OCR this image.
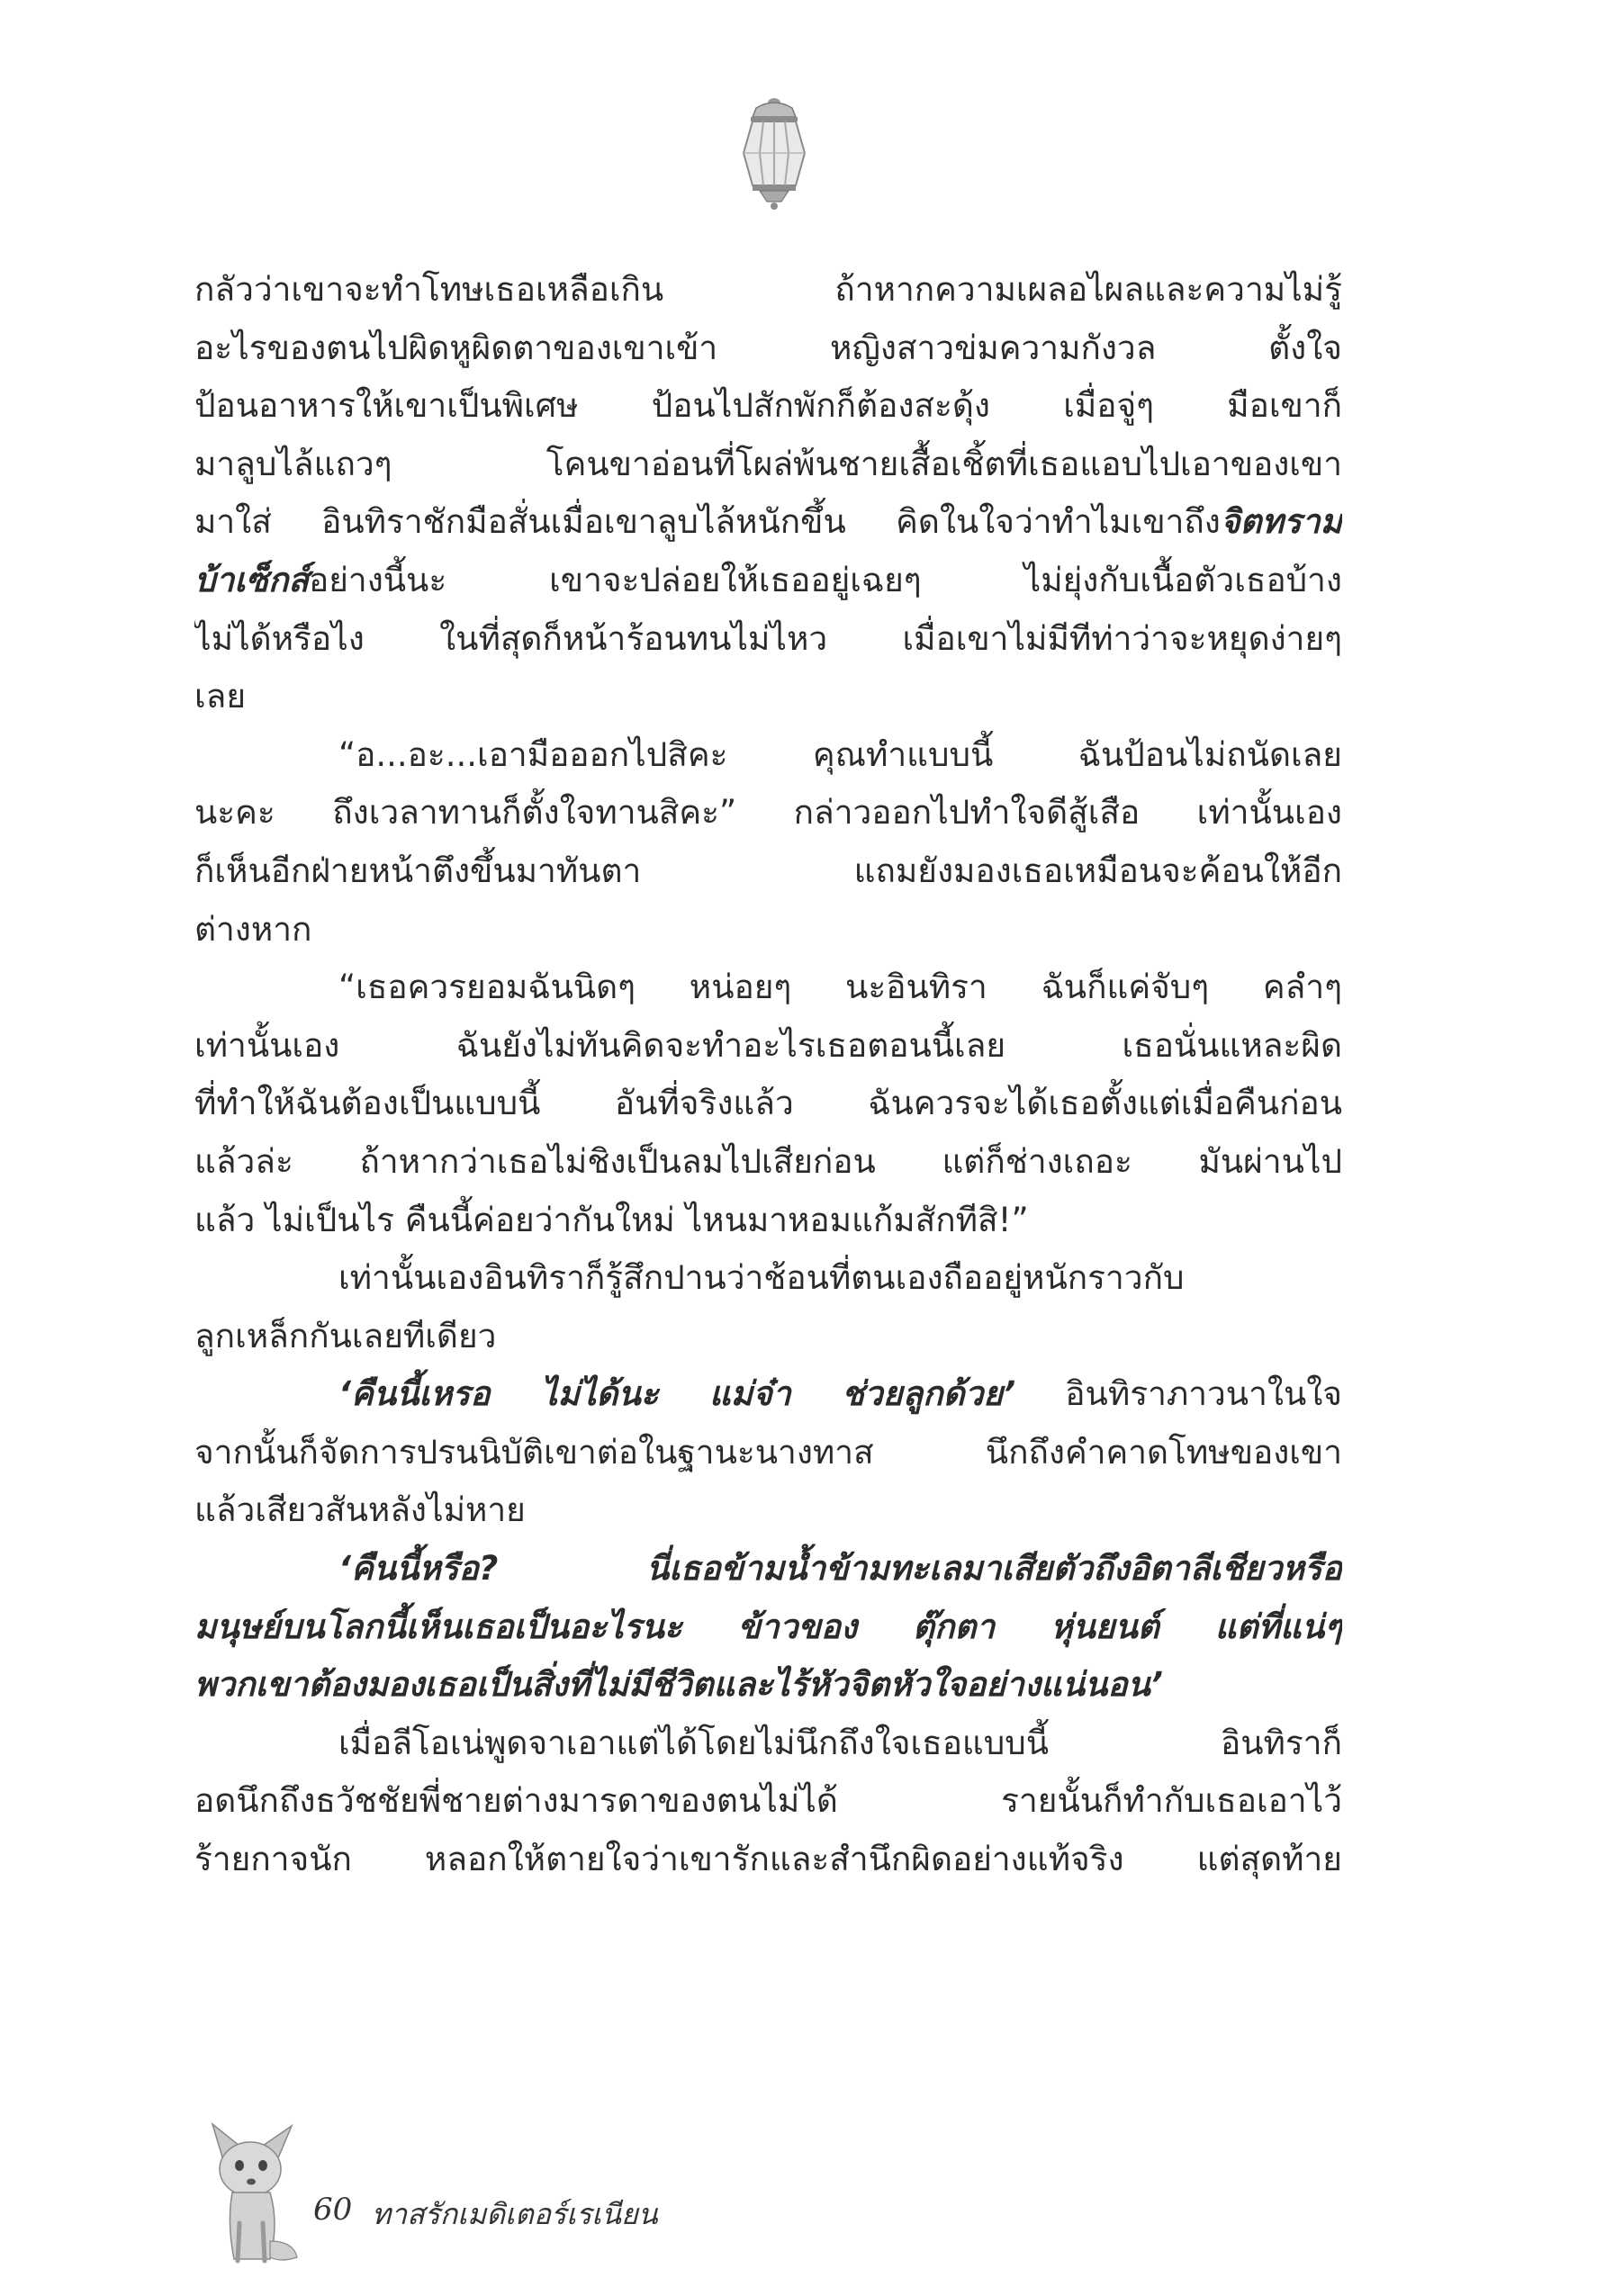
กลัวว่าเขาจะทำโทษเธอเหลือเกิน ถ้าหากความเผลอไผลและความไม่รู้
อะไรของตนไปผิดหูผิดตาของเขาเข้า หญิงสาวข่มความกังวล ตั้งใจ
ป้อนอาหารให้เขาเป็นพิเศษ ป้อนไปสักพักก็ต้องสะดุ้ง เมื่อจู่ๆ มือเขาก็
มาลูบไล้แถวๆ โคนขาอ่อนที่โผล่พ้นชายเสื้อเชิ้ตที่เธอแอบไปเอาของเขา
มาใส่ อินทิราชักมือสั่นเมื่อเขาลูบไล้หนักขึ้น คิดในใจว่าทำไมเขาถึงจิตทราม
บ้าเซ็กส์อย่างนี้นะ เขาจะปล่อยให้เธออยู่เฉยๆ ไม่ยุ่งกับเนื้อตัวเธอบ้าง
ไม่ได้หรือไง ในที่สุดก็หน้าร้อนทนไม่ไหว เมื่อเขาไม่มีทีท่าว่าจะหยุดง่ายๆ
เลย
“อ...อะ...เอามือออกไปสิคะ คุณทำแบบนี้ ฉันป้อนไม่ถนัดเลย
นะคะ ถึงเวลาทานก็ตั้งใจทานสิคะ” กล่าวออกไปทำใจดีสู้เสือ เท่านั้นเอง
ก็เห็นอีกฝ่ายหน้าตึงขึ้นมาทันตา แถมยังมองเธอเหมือนจะค้อนให้อีก
ต่างหาก
“เธอควรยอมฉันนิดๆ หน่อยๆ นะอินทิรา ฉันก็แค่จับๆ คลำๆ
เท่านั้นเอง ฉันยังไม่ทันคิดจะทำอะไรเธอตอนนี้เลย เธอนั่นแหละผิด
ที่ทำให้ฉันต้องเป็นแบบนี้ อันที่จริงแล้ว ฉันควรจะได้เธอตั้งแต่เมื่อคืนก่อน
แล้วล่ะ ถ้าหากว่าเธอไม่ชิงเป็นลมไปเสียก่อน แต่ก็ช่างเถอะ มันผ่านไป
แล้ว ไม่เป็นไร คืนนี้ค่อยว่ากันใหม่ ไหนมาหอมแก้มสักทีสิ!”
เท่านั้นเองอินทิราก็รู้สึกปานว่าช้อนที่ตนเองถืออยู่หนักราวกับ
ลูกเหล็กกันเลยทีเดียว
‘คืนนี้เหรอ ไม่ได้นะ แม่จ๋า ช่วยลูกด้วย’ อินทิราภาวนาในใจ
จากนั้นก็จัดการปรนนิบัติเขาต่อในฐานะนางทาส นึกถึงคำคาดโทษของเขา
แล้วเสียวสันหลังไม่หาย
‘คืนนี้หรือ? นี่เธอข้ามน้ำข้ามทะเลมาเสียตัวถึงอิตาลีเชียวหรือ
มนุษย์บนโลกนี้เห็นเธอเป็นอะไรนะ ข้าวของ ตุ๊กตา หุ่นยนต์ แต่ที่แน่ๆ
พวกเขาต้องมองเธอเป็นสิ่งที่ไม่มีชีวิตและไร้หัวจิตหัวใจอย่างแน่นอน’
เมื่อลีโอเน่พูดจาเอาแต่ได้โดยไม่นึกถึงใจเธอแบบนี้ อินทิราก็
อดนึกถึงธวัชชัยพี่ชายต่างมารดาของตนไม่ได้ รายนั้นก็ทำกับเธอเอาไว้
ร้ายกาจนัก หลอกให้ตายใจว่าเขารักและสำนึกผิดอย่างแท้จริง แต่สุดท้าย
60 ทาสรักเมดิเตอร์เรเนียน
